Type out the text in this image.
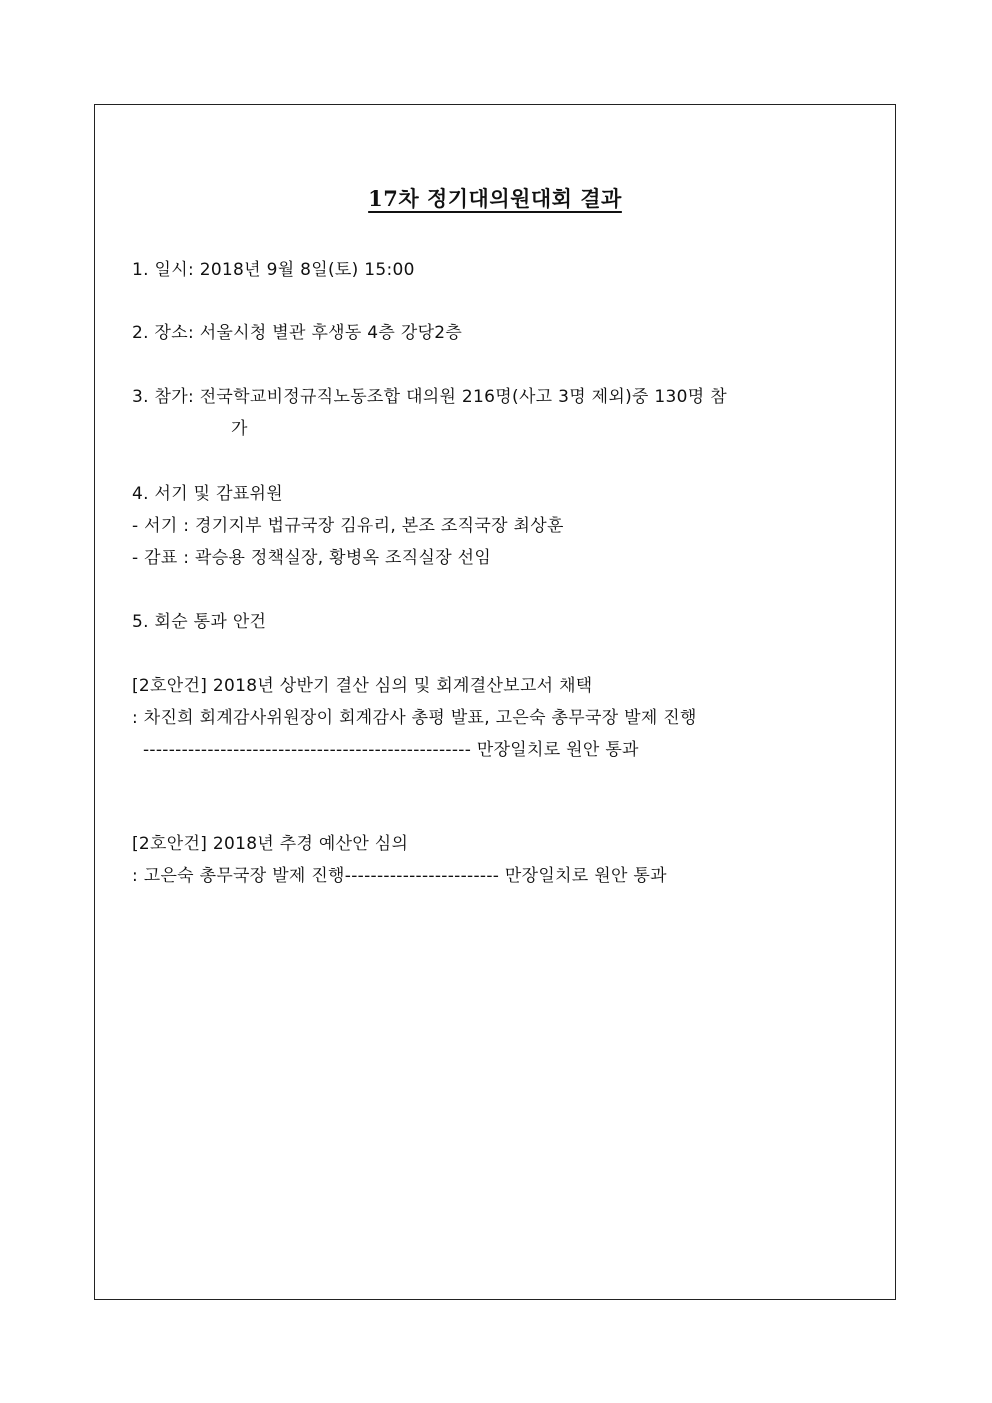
17차 정기대의원대회 결과
1. 일시: 2018년 9월 8일(토) 15:00
2. 장소: 서울시청 별관 후생동 4층 강당2층
3. 참가: 전국학교비정규직노동조합 대의원 216명(사고 3명 제외)중 130명 참
가
4. 서기 및 감표위원
- 서기 : 경기지부 법규국장 김유리, 본조 조직국장 최상훈
- 감표 : 곽승용 정책실장, 황병옥 조직실장 선임
5. 회순 통과 안건
[2호안건] 2018년 상반기 결산 심의 및 회계결산보고서 채택
: 차진희 회계감사위원장이 회계감사 총평 발표, 고은숙 총무국장 발제 진행
--------------------------------------------------- 만장일치로 원안 통과
[2호안건] 2018년 추경 예산안 심의
: 고은숙 총무국장 발제 진행------------------------ 만장일치로 원안 통과
